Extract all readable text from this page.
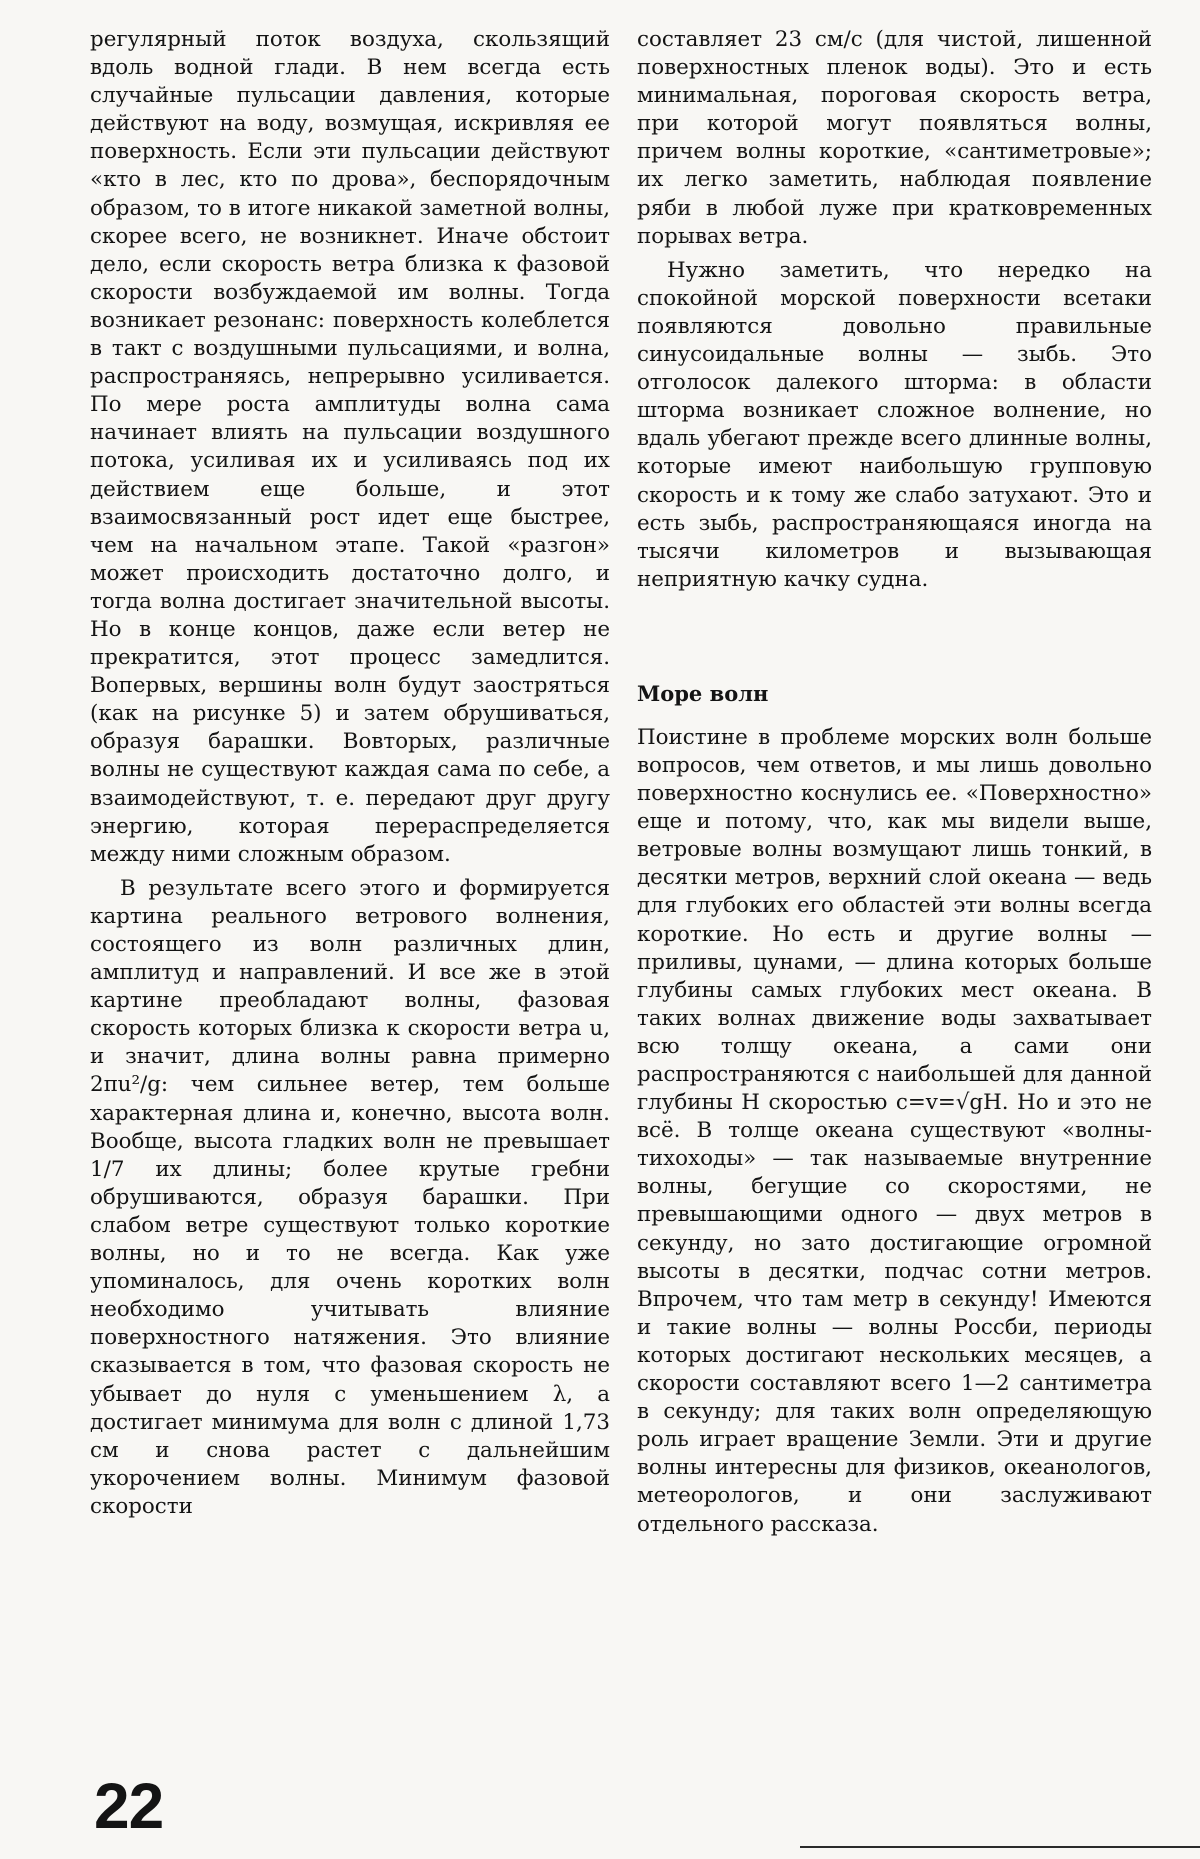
регулярный поток воздуха, скользящий вдоль водной глади. В нем всегда есть случайные пульсации давления, которые действуют на воду, возмущая, искривляя ее поверхность. Если эти пульсации действуют «кто в лес, кто по дрова», беспорядочным образом, то в итоге никакой заметной волны, скорее всего, не возникнет. Иначе обстоит дело, если скорость ветра близка к фазовой скорости возбуждаемой им волны. Тогда возникает резонанс: поверхность колеблется в такт с воздушными пульсациями, и волна, распространяясь, непрерывно усиливается. По мере роста амплитуды волна сама начинает влиять на пульсации воздушного потока, усиливая их и усиливаясь под их действием еще больше, и этот взаимосвязанный рост идет еще быстрее, чем на начальном этапе. Такой «разгон» может происходить достаточно долго, и тогда волна достигает значительной высоты. Но в конце концов, даже если ветер не прекратится, этот процесс замедлится. Вопервых, вершины волн будут заостряться (как на рисунке 5) и затем обрушиваться, образуя барашки. Вовторых, различные волны не существуют каждая сама по себе, а взаимодействуют, т. е. передают друг другу энергию, которая перераспределяется между ними сложным образом.

В результате всего этого и формируется картина реального ветрового волнения, состоящего из волн различных длин, амплитуд и направлений. И все же в этой картине преобладают волны, фазовая скорость которых близка к скорости ветра u, и значит, длина волны равна примерно 2πu²/g: чем сильнее ветер, тем больше характерная длина и, конечно, высота волн. Вообще, высота гладких волн не превышает 1/7 их длины; более крутые гребни обрушиваются, образуя барашки. При слабом ветре существуют только короткие волны, но и то не всегда. Как уже упоминалось, для очень коротких волн необходимо учитывать влияние поверхностного натяжения. Это влияние сказывается в том, что фазовая скорость не убывает до нуля с уменьшением λ, а достигает минимума для волн с длиной 1,73 см и снова растет с дальнейшим укорочением волны. Минимум фазовой скорости

составляет 23 см/с (для чистой, лишенной поверхностных пленок воды). Это и есть минимальная, пороговая скорость ветра, при которой могут появляться волны, причем волны короткие, «сантиметровые»; их легко заметить, наблюдая появление ряби в любой луже при кратковременных порывах ветра.

Нужно заметить, что нередко на спокойной морской поверхности всетаки появляются довольно правильные синусоидальные волны — зыбь. Это отголосок далекого шторма: в области шторма возникает сложное волнение, но вдаль убегают прежде всего длинные волны, которые имеют наибольшую групповую скорость и к тому же слабо затухают. Это и есть зыбь, распространяющаяся иногда на тысячи километров и вызывающая неприятную качку судна.

Море волн

Поистине в проблеме морских волн больше вопросов, чем ответов, и мы лишь довольно поверхностно коснулись ее. «Поверхностно» еще и потому, что, как мы видели выше, ветровые волны возмущают лишь тонкий, в десятки метров, верхний слой океана — ведь для глубоких его областей эти волны всегда короткие. Но есть и другие волны — приливы, цунами, — длина которых больше глубины самых глубоких мест океана. В таких волнах движение воды захватывает всю толщу океана, а сами они распространяются с наибольшей для данной глубины H скоростью c=v=√gH. Но и это не всё. В толще океана существуют «волны-тихоходы» — так называемые внутренние волны, бегущие со скоростями, не превышающими одного — двух метров в секунду, но зато достигающие огромной высоты в десятки, подчас сотни метров. Впрочем, что там метр в секунду! Имеются и такие волны — волны Россби, периоды которых достигают нескольких месяцев, а скорости составляют всего 1—2 сантиметра в секунду; для таких волн определяющую роль играет вращение Земли. Эти и другие волны интересны для физиков, океанологов, метеорологов, и они заслуживают отдельного рассказа.

22
